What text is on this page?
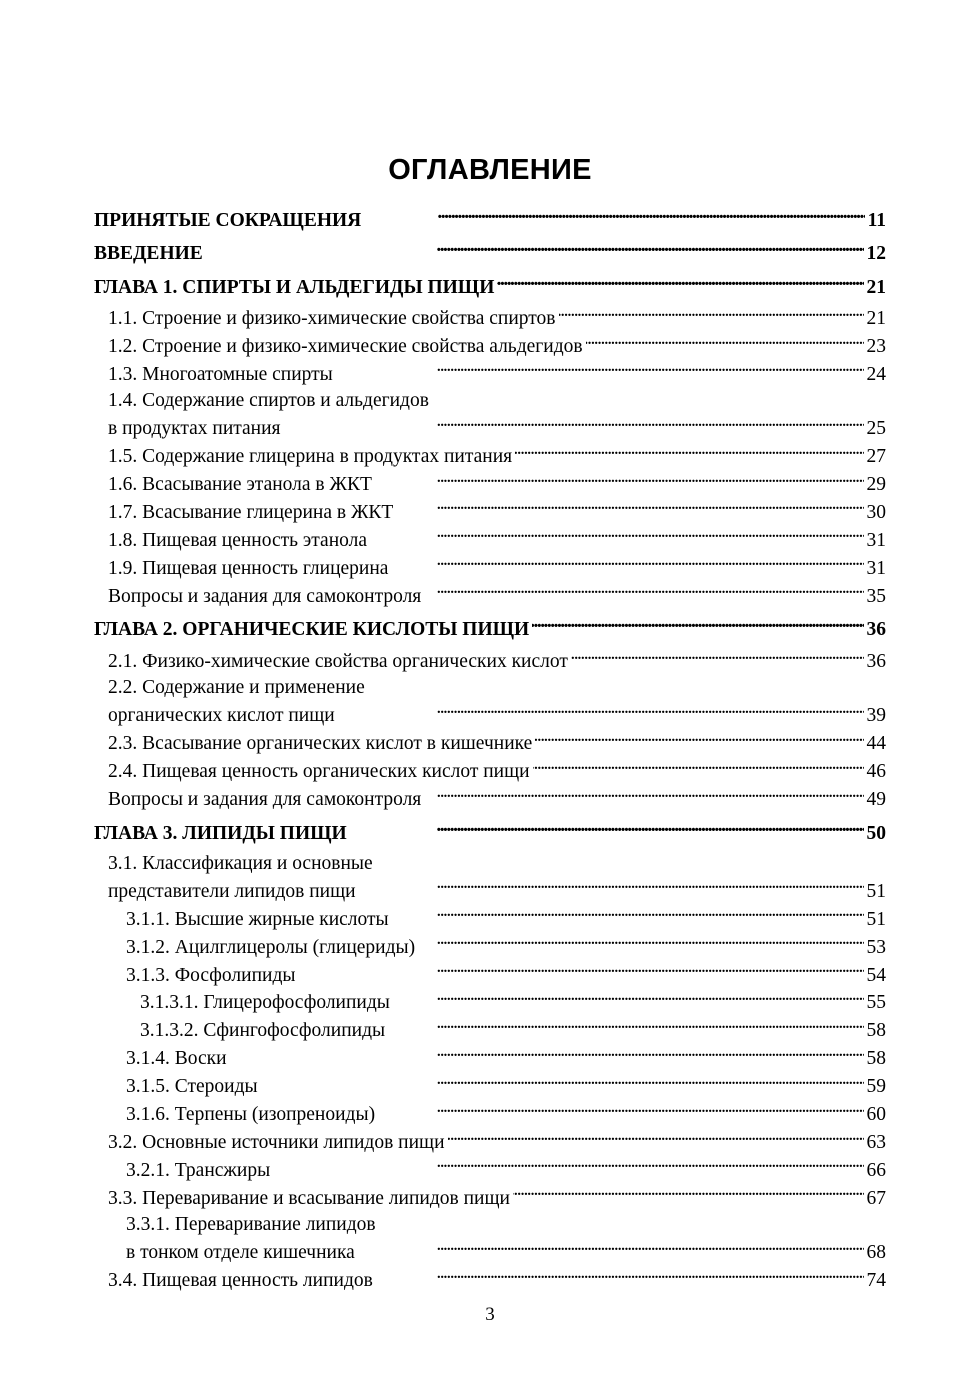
ОГЛАВЛЕНИЕ
ПРИНЯТЫЕ СОКРАЩЕНИЯ . . .	11
ВВЕДЕНИЕ . . .	12
ГЛАВА 1. СПИРТЫ И АЛЬДЕГИДЫ ПИЩИ . . .	21
1.1. Строение и физико-химические свойства спиртов . . .	21
1.2. Строение и физико-химические свойства альдегидов . . .	23
1.3. Многоатомные спирты . . .	24
1.4. Содержание спиртов и альдегидов
в продуктах питания . . .	25
1.5. Содержание глицерина в продуктах питания . . .	27
1.6. Всасывание этанола в ЖКТ . . .	29
1.7. Всасывание глицерина в ЖКТ . . .	30
1.8. Пищевая ценность этанола . . .	31
1.9. Пищевая ценность глицерина . . .	31
Вопросы и задания для самоконтроля . . .	35
ГЛАВА 2. ОРГАНИЧЕСКИЕ КИСЛОТЫ ПИЩИ . . .	36
2.1. Физико-химические свойства органических кислот . . .	36
2.2. Содержание и применение
органических кислот пищи . . .	39
2.3. Всасывание органических кислот в кишечнике . . .	44
2.4. Пищевая ценность органических кислот пищи . . .	46
Вопросы и задания для самоконтроля . . .	49
ГЛАВА 3. ЛИПИДЫ ПИЩИ . . .	50
3.1. Классификация и основные
представители липидов пищи . . .	51
3.1.1. Высшие жирные кислоты . . .	51
3.1.2. Ацилглицеролы (глицериды) . . .	53
3.1.3. Фосфолипиды . . .	54
3.1.3.1. Глицерофосфолипиды . . .	55
3.1.3.2. Сфингофосфолипиды . . .	58
3.1.4. Воски . . .	58
3.1.5. Стероиды . . .	59
3.1.6. Терпены (изопреноиды) . . .	60
3.2. Основные источники липидов пищи . . .	63
3.2.1. Трансжиры . . .	66
3.3. Переваривание и всасывание липидов пищи . . .	67
3.3.1. Переваривание липидов
в тонком отделе кишечника . . .	68
3.4. Пищевая ценность липидов . . .	74
3
